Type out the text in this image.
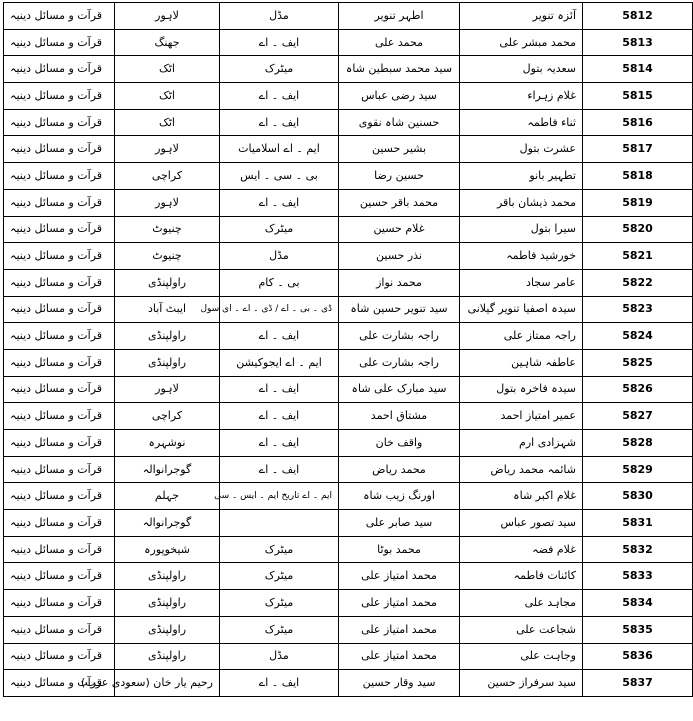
قرآت و مسائل دینیہ	لاہور	مڈل	اطہر تنویر	آئزہ تنویر	5812
قرآت و مسائل دینیہ	جھنگ	ایف ۔ اے	محمد علی	محمد مبشر علی	5813
قرآت و مسائل دینیہ	اٹک	میٹرک	سید محمد سبطین شاہ	سعدیہ بتول	5814
قرآت و مسائل دینیہ	اٹک	ایف ۔ اے	سید رضی عباس	غلام زہراء	5815
قرآت و مسائل دینیہ	اٹک	ایف ۔ اے	حسنین شاہ نقوی	ثناء فاطمہ	5816
قرآت و مسائل دینیہ	لاہور	ایم ۔ اے اسلامیات	بشیر حسین	عشرت بتول	5817
قرآت و مسائل دینیہ	کراچی	بی ۔ سی ۔ ایس	حسین رضا	تطہیر بانو	5818
قرآت و مسائل دینیہ	لاہور	ایف ۔ اے	محمد باقر حسین	محمد ذیشان باقر	5819
قرآت و مسائل دینیہ	چنیوٹ	میٹرک	غلام حسین	سیرا بتول	5820
قرآت و مسائل دینیہ	چنیوٹ	مڈل	نذر حسین	خورشید فاطمہ	5821
قرآت و مسائل دینیہ	راولپنڈی	بی ۔ کام	محمد نواز	عامر سجاد	5822
قرآت و مسائل دینیہ	ایبٹ آباد	ڈی ۔ بی ۔ اے / ڈی ۔ اے ۔ ای سول	سید تنویر حسین شاہ	سیدہ اصفیا تنویر گیلانی	5823
قرآت و مسائل دینیہ	راولپنڈی	ایف ۔ اے	راجہ بشارت علی	راجہ ممتاز علی	5824
قرآت و مسائل دینیہ	راولپنڈی	ایم ۔ اے ایجوکیشن	راجہ بشارت علی	عاطفہ شاہین	5825
قرآت و مسائل دینیہ	لاہور	ایف ۔ اے	سید مبارک علی شاہ	سیدہ فاخرہ بتول	5826
قرآت و مسائل دینیہ	کراچی	ایف ۔ اے	مشتاق احمد	عمیر امتیاز احمد	5827
قرآت و مسائل دینیہ	نوشہرہ	ایف ۔ اے	واقف خان	شہزادی ارم	5828
قرآت و مسائل دینیہ	گوجرانوالہ	ایف ۔ اے	محمد ریاض	شائمہ محمد ریاض	5829
قرآت و مسائل دینیہ	جہلم	ایم ۔ اے تاریخ ایم ۔ ایس ۔ سی	اورنگ زیب شاہ	غلام اکبر شاہ	5830
قرآت و مسائل دینیہ	گوجرانوالہ		سید صابر علی	سید تصور عباس	5831
قرآت و مسائل دینیہ	شیخوپورہ	میٹرک	محمد بوٹا	غلام فضہ	5832
قرآت و مسائل دینیہ	راولپنڈی	میٹرک	محمد امتیاز علی	کائنات فاطمہ	5833
قرآت و مسائل دینیہ	راولپنڈی	میٹرک	محمد امتیاز علی	مجاہد علی	5834
قرآت و مسائل دینیہ	راولپنڈی	میٹرک	محمد امتیاز علی	شجاعت علی	5835
قرآت و مسائل دینیہ	راولپنڈی	مڈل	محمد امتیاز علی	وجاہت علی	5836
قرآت و مسائل دینیہ	رحیم یار خان (سعودی عرب)	ایف ۔ اے	سید وقار حسین	سید سرفراز حسین	5837
